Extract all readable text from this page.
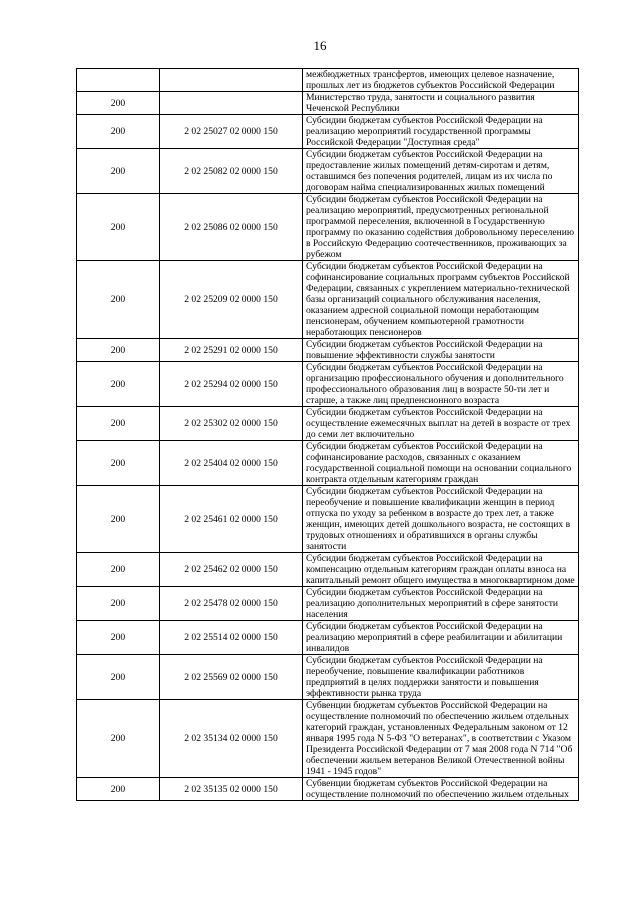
16
		межбюджетных трансфертов, имеющих целевое назначение, прошлых лет из бюджетов субъектов Российской Федерации
200		Министерство труда, занятости и социального развития Чеченской Республики
200	2 02 25027 02 0000 150	Субсидии бюджетам субъектов Российской Федерации на реализацию мероприятий государственной программы Российской Федерации "Доступная среда"
200	2 02 25082 02 0000 150	Субсидии бюджетам субъектов Российской Федерации на предоставление жилых помещений детям-сиротам и детям, оставшимся без попечения родителей, лицам из их числа по договорам найма специализированных жилых помещений
200	2 02 25086 02 0000 150	Субсидии бюджетам субъектов Российской Федерации на реализацию мероприятий, предусмотренных региональной программой переселения, включенной в Государственную программу по оказанию содействия добровольному переселению в Российскую Федерацию соотечественников, проживающих за рубежом
200	2 02 25209 02 0000 150	Субсидии бюджетам субъектов Российской Федерации на софинансирование социальных программ субъектов Российской Федерации, связанных с укреплением материально-технической базы организаций социального обслуживания населения, оказанием адресной социальной помощи неработающим пенсионерам, обучением компьютерной грамотности неработающих пенсионеров
200	2 02 25291 02 0000 150	Субсидии бюджетам субъектов Российской Федерации на повышение эффективности службы занятости
200	2 02 25294 02 0000 150	Субсидии бюджетам субъектов Российской Федерации на организацию профессионального обучения и дополнительного профессионального образования лиц в возрасте 50-ти лет и старше, а также лиц предпенсионного возраста
200	2 02 25302 02 0000 150	Субсидии бюджетам субъектов Российской Федерации на осуществление ежемесячных выплат на детей в возрасте от трех до семи лет включительно
200	2 02 25404 02 0000 150	Субсидии бюджетам субъектов Российской Федерации на софинансирование расходов, связанных с оказанием государственной социальной помощи на основании социального контракта отдельным категориям граждан
200	2 02 25461 02 0000 150	Субсидии бюджетам субъектов Российской Федерации на переобучение и повышение квалификации женщин в период отпуска по уходу за ребенком в возрасте до трех лет, а также женщин, имеющих детей дошкольного возраста, не состоящих в трудовых отношениях и обратившихся в органы службы занятости
200	2 02 25462 02 0000 150	Субсидии бюджетам субъектов Российской Федерации на компенсацию отдельным категориям граждан оплаты взноса на капитальный ремонт общего имущества в многоквартирном доме
200	2 02 25478 02 0000 150	Субсидии бюджетам субъектов Российской Федерации на реализацию дополнительных мероприятий в сфере занятости населения
200	2 02 25514 02 0000 150	Субсидии бюджетам субъектов Российской Федерации на реализацию мероприятий в сфере реабилитации и абилитации инвалидов
200	2 02 25569 02 0000 150	Субсидии бюджетам субъектов Российской Федерации на переобучение, повышение квалификации работников предприятий в целях поддержки занятости и повышения эффективности рынка труда
200	2 02 35134 02 0000 150	Субвенции бюджетам субъектов Российской Федерации на осуществление полномочий по обеспечению жильем отдельных категорий граждан, установленных Федеральным законом от 12 января 1995 года N 5-ФЗ "О ветеранах", в соответствии с Указом Президента Российской Федерации от 7 мая 2008 года N 714 "Об обеспечении жильем ветеранов Великой Отечественной войны 1941 - 1945 годов"
200	2 02 35135 02 0000 150	Субвенции бюджетам субъектов Российской Федерации на осуществление полномочий по обеспечению жильем отдельных
